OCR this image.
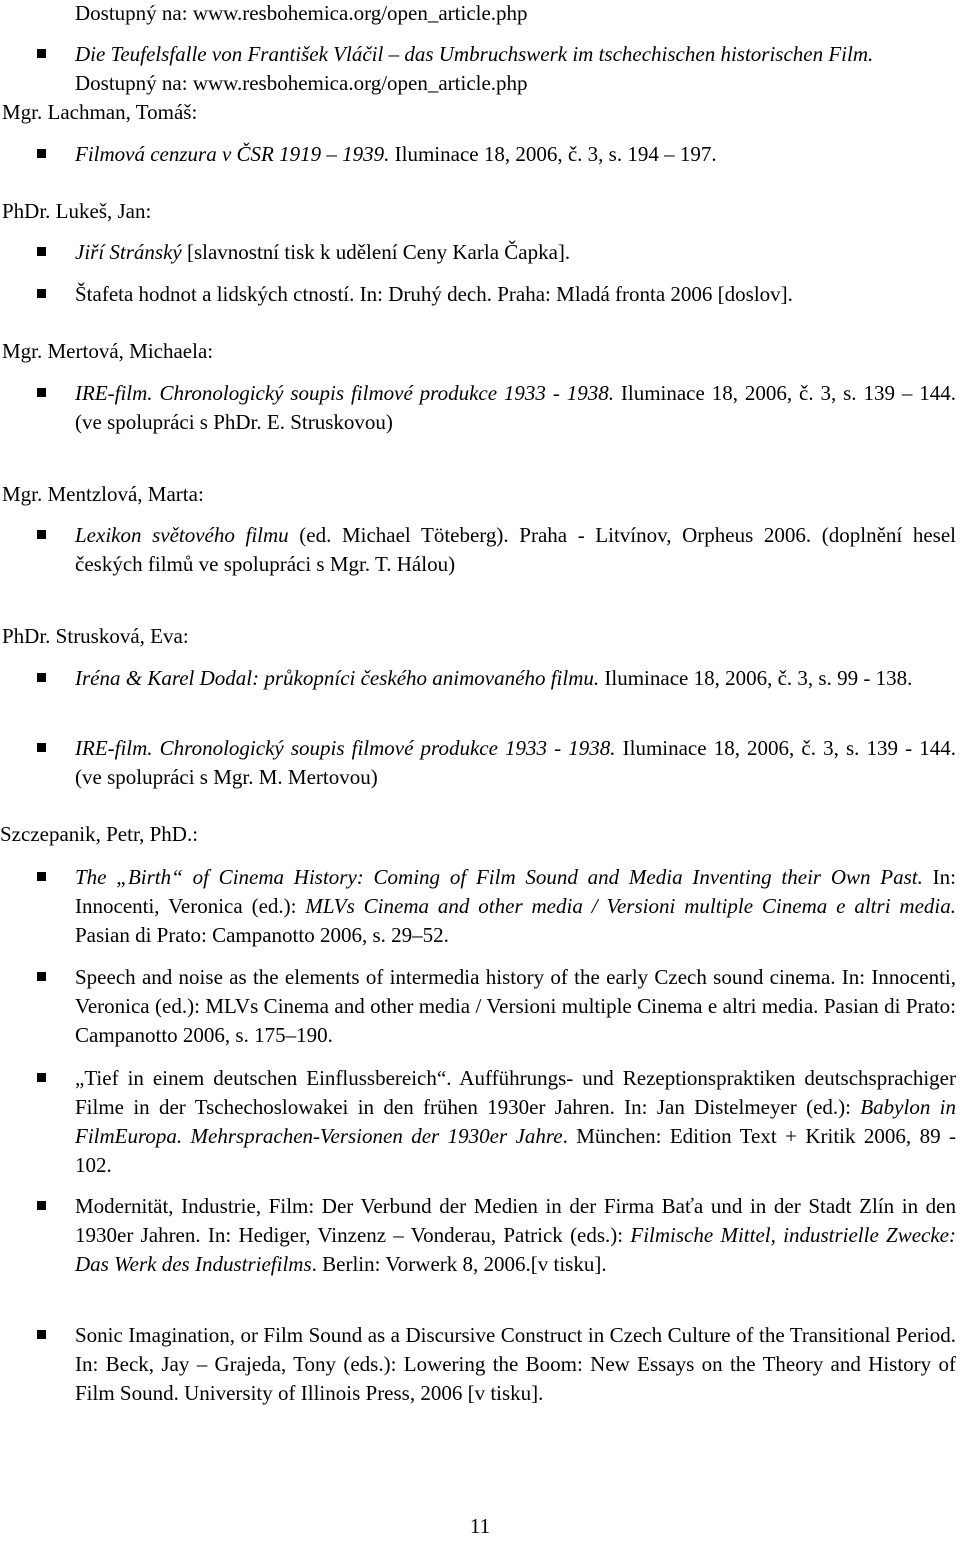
Dostupný na: www.resbohemica.org/open_article.php
Die Teufelsfalle von František Vláčil – das Umbruchswerk im tschechischen historischen Film. Dostupný na: www.resbohemica.org/open_article.php
Mgr. Lachman, Tomáš:
Filmová cenzura v ČSR 1919 – 1939. Iluminace 18, 2006, č. 3, s. 194 – 197.
PhDr. Lukeš, Jan:
Jiří Stránský [slavnostní tisk k udělení Ceny Karla Čapka].
Štafeta hodnot a lidských ctností. In: Druhý dech. Praha: Mladá fronta 2006 [doslov].
Mgr. Mertová, Michaela:
IRE-film. Chronologický soupis filmové produkce 1933 - 1938. Iluminace 18, 2006, č. 3, s. 139 – 144. (ve spolupráci s PhDr. E. Struskovou)
Mgr. Mentzlová, Marta:
Lexikon světového filmu (ed. Michael Töteberg). Praha - Litvínov, Orpheus 2006. (doplnění hesel českých filmů ve spolupráci s Mgr. T. Hálou)
PhDr. Strusková, Eva:
Iréna & Karel Dodal: průkopníci českého animovaného filmu. Iluminace 18, 2006, č. 3, s. 99 - 138.
IRE-film. Chronologický soupis filmové produkce 1933 - 1938. Iluminace 18, 2006, č. 3, s. 139 - 144. (ve spolupráci s Mgr. M. Mertovou)
Szczepanik, Petr, PhD.:
The „Birth“ of Cinema History: Coming of Film Sound and Media Inventing their Own Past. In: Innocenti, Veronica (ed.): MLVs Cinema and other media / Versioni multiple Cinema e altri media. Pasian di Prato: Campanotto 2006, s. 29–52.
Speech and noise as the elements of intermedia history of the early Czech sound cinema. In: Innocenti, Veronica (ed.): MLVs Cinema and other media / Versioni multiple Cinema e altri media. Pasian di Prato: Campanotto 2006, s. 175–190.
„Tief in einem deutschen Einflussbereich“. Aufführungs- und Rezeptionspraktiken deutschsprachiger Filme in der Tschechoslowakei in den frühen 1930er Jahren. In: Jan Distelmeyer (ed.): Babylon in FilmEuropa. Mehrsprachen-Versionen der 1930er Jahre. München: Edition Text + Kritik 2006, 89 - 102.
Modernität, Industrie, Film: Der Verbund der Medien in der Firma Baťa und in der Stadt Zlín in den 1930er Jahren. In: Hediger, Vinzenz – Vonderau, Patrick (eds.): Filmische Mittel, industrielle Zwecke: Das Werk des Industriefilms. Berlin: Vorwerk 8, 2006.[v tisku].
Sonic Imagination, or Film Sound as a Discursive Construct in Czech Culture of the Transitional Period. In: Beck, Jay – Grajeda, Tony (eds.): Lowering the Boom: New Essays on the Theory and History of Film Sound. University of Illinois Press, 2006 [v tisku].
11
